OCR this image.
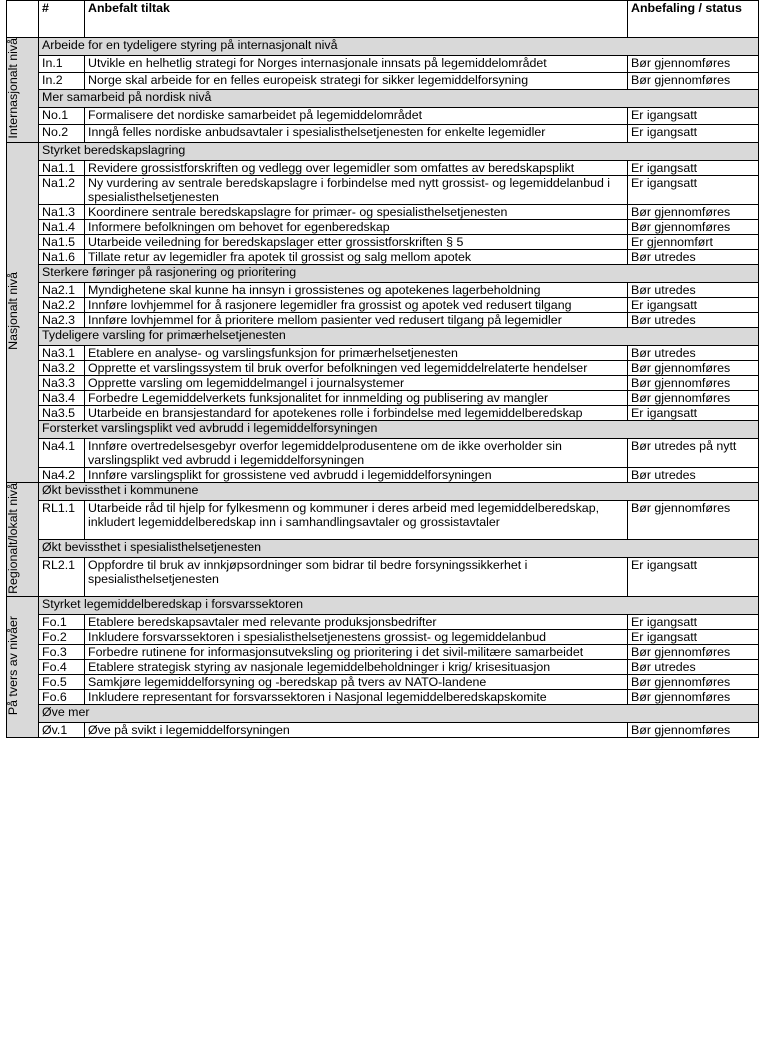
	#	Anbefalt tiltak	Anbefaling / status
Internasjonalt nivå	Arbeide for en tydeligere styring på internasjonalt nivå		
	In.1	Utvikle en helhetlig strategi for Norges internasjonale innsats på legemiddelområdet	Bør gjennomføres
	In.2	Norge skal arbeide for en felles europeisk strategi for sikker legemiddelforsyning	Bør gjennomføres
	Mer samarbeid på nordisk nivå		
	No.1	Formalisere det nordiske samarbeidet på legemiddelområdet	Er igangsatt
	No.2	Inngå felles nordiske anbudsavtaler i spesialisthelsetjenesten for enkelte legemidler	Er igangsatt
Nasjonalt nivå	Styrket beredskapslagring		
	Na1.1	Revidere grossistforskriften og vedlegg over legemidler som omfattes av beredskapsplikt	Er igangsatt
	Na1.2	Ny vurdering av sentrale beredskapslagre i forbindelse med nytt grossist- og legemiddelanbud i spesialisthelsetjenesten	Er igangsatt
	Na1.3	Koordinere sentrale beredskapslagre for primær- og spesialisthelsetjenesten	Bør gjennomføres
	Na1.4	Informere befolkningen om behovet for egenberedskap	Bør gjennomføres
	Na1.5	Utarbeide veiledning for beredskapslager etter grossistforskriften § 5	Er gjennomført
	Na1.6	Tillate retur av legemidler fra apotek til grossist og salg mellom apotek	Bør utredes
	Sterkere føringer på rasjonering og prioritering		
	Na2.1	Myndighetene skal kunne ha innsyn i grossistenes og apotekenes lagerbeholdning	Bør utredes
	Na2.2	Innføre lovhjemmel for å rasjonere legemidler fra grossist og apotek ved redusert tilgang	Er igangsatt
	Na2.3	Innføre lovhjemmel for å prioritere mellom pasienter ved redusert tilgang på legemidler	Bør utredes
	Tydeligere varsling for primærhelsetjenesten		
	Na3.1	Etablere en analyse- og varslingsfunksjon for primærhelsetjenesten	Bør utredes
	Na3.2	Opprette et varslingssystem til bruk overfor befolkningen ved legemiddelrelaterte hendelser	Bør gjennomføres
	Na3.3	Opprette varsling om legemiddelmangel i journalsystemer	Bør gjennomføres
	Na3.4	Forbedre Legemiddelverkets funksjonalitet for innmelding og publisering av mangler	Bør gjennomføres
	Na3.5	Utarbeide en bransjestandard for apotekenes rolle i forbindelse med legemiddelberedskap	Er igangsatt
	Forsterket varslingsplikt ved avbrudd i legemiddelforsyningen		
	Na4.1	Innføre overtredelsesgebyr overfor legemiddelprodusentene om de ikke overholder sin varslingsplikt ved avbrudd i legemiddelforsyningen	Bør utredes på nytt
	Na4.2	Innføre varslingsplikt for grossistene ved avbrudd i legemiddelforsyningen	Bør utredes
Regionalt/lokalt nivå	Økt bevissthet i kommunene		
	RL1.1	Utarbeide råd til hjelp for fylkesmenn og kommuner i deres arbeid med legemiddelberedskap, inkludert legemiddelberedskap inn i samhandlingsavtaler og grossistavtaler	Bør gjennomføres
	Økt bevissthet i spesialisthelsetjenesten		
	RL2.1	Oppfordre til bruk av innkjøpsordninger som bidrar til bedre forsyningssikkerhet i spesialisthelsetjenesten	Er igangsatt
På tvers av nivåer	Styrket legemiddelberedskap i forsvarssektoren		
	Fo.1	Etablere beredskapsavtaler med relevante produksjonsbedrifter	Er igangsatt
	Fo.2	Inkludere forsvarssektoren i spesialisthelsetjenestens grossist- og legemiddelanbud	Er igangsatt
	Fo.3	Forbedre rutinene for informasjonsutveksling og prioritering i det sivil-militære samarbeidet	Bør gjennomføres
	Fo.4	Etablere strategisk styring av nasjonale legemiddelbeholdninger i krig/ krisesituasjon	Bør utredes
	Fo.5	Samkjøre legemiddelforsyning og -beredskap på tvers av NATO-landene	Bør gjennomføres
	Fo.6	Inkludere representant for forsvarssektoren i Nasjonal legemiddelberedskapskomite	Bør gjennomføres
	Øve mer		
	Øv.1	Øve på svikt i legemiddelforsyningen	Bør gjennomføres
